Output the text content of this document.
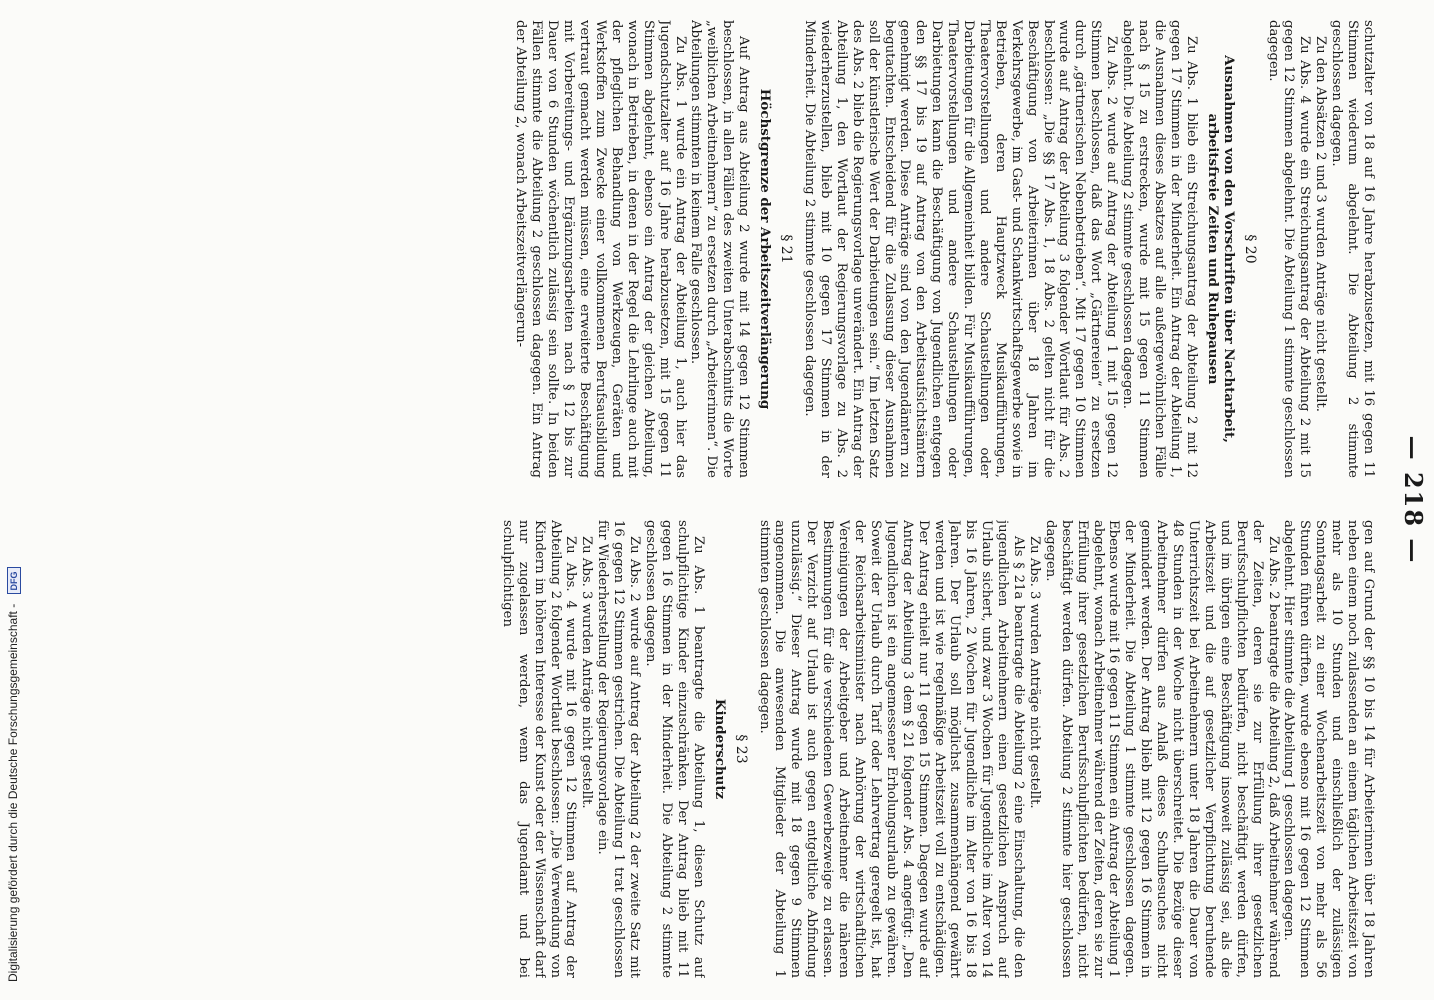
— 218 —

schutzalter von 18 auf 16 Jahre herabzusetzen, mit 16 gegen 11 Stimmen wiederum abgelehnt. Die Abteilung 2 stimmte geschlossen dagegen.

Zu den Absätzen 2 und 3 wurden Anträge nicht gestellt.

Zu Abs. 4 wurde ein Streichungsantrag der Abteilung 2 mit 15 gegen 12 Stimmen abgelehnt. Die Abteilung 1 stimmte geschlossen dagegen.

§ 20
Ausnahmen von den Vorschriften über Nachtarbeit,
arbeitsfreie Zeiten und Ruhepausen

Zu Abs. 1 blieb ein Streichungsantrag der Abteilung 2 mit 12 gegen 17 Stimmen in der Minderheit. Ein Antrag der Abteilung 1, die Ausnahmen dieses Absatzes auf alle außergewöhnlichen Fälle nach § 15 zu erstrecken, wurde mit 15 gegen 11 Stimmen abgelehnt. Die Abteilung 2 stimmte geschlossen dagegen.

Zu Abs. 2 wurde auf Antrag der Abteilung 1 mit 15 gegen 12 Stimmen beschlossen, daß das Wort „Gärtnereien“ zu ersetzen durch „gärtnerischen Nebenbetrieben“. Mit 17 gegen 10 Stimmen wurde auf Antrag der Abteilung 3 folgender Wortlaut für Abs. 2 beschlossen: „Die §§ 17 Abs. 1, 18 Abs. 2 gelten nicht für die Beschäftigung von Arbeiterinnen über 18 Jahren im Verkehrsgewerbe, im Gast- und Schankwirtschaftsgewerbe sowie in Betrieben, deren Hauptzweck Musikaufführungen, Theatervorstellungen und andere Schaustellungen oder Darbietungen für die Allgemeinheit bilden. Für Musikaufführungen, Theatervorstellungen und andere Schaustellungen oder Darbietungen kann die Beschäftigung von Jugendlichen entgegen den §§ 17 bis 19 auf Antrag von den Arbeitsaufsichtsämtern genehmigt werden. Diese Anträge sind von den Jugendämtern zu begutachten. Entscheidend für die Zulassung dieser Ausnahmen soll der künstlerische Wert der Darbietungen sein.“ Im letzten Satz des Abs. 2 blieb die Regierungsvorlage unverändert. Ein Antrag der Abteilung 1, den Wortlaut der Regierungsvorlage zu Abs. 2 wiederherzustellen, blieb mit 10 gegen 17 Stimmen in der Minderheit. Die Abteilung 2 stimmte geschlossen dagegen.

§ 21
Höchstgrenze der Arbeitszeitverlängerung

Auf Antrag aus Abteilung 2 wurde mit 14 gegen 12 Stimmen beschlossen, in allen Fällen des zweiten Unterabschnitts die Worte „weiblichen Arbeitnehmern“ zu ersetzen durch „Arbeiterinnen“. Die Abteilungen stimmten in keinem Falle geschlossen.

Zu Abs. 1 wurde ein Antrag der Abteilung 1, auch hier das Jugendschutzalter auf 16 Jahre herabzusetzen, mit 15 gegen 11 Stimmen abgelehnt, ebenso ein Antrag der gleichen Abteilung, wonach in Betrieben, in denen in der Regel die Lehrlinge auch mit der pfleglichen Behandlung von Werkzeugen, Geräten und Werkstoffen zum Zwecke einer vollkommenen Berufsausbildung vertraut gemacht werden müssen, eine erweiterte Beschäftigung mit Vorbereitungs- und Ergänzungsarbeiten nach § 12 bis zur Dauer von 6 Stunden wöchentlich zulässig sein sollte. In beiden Fällen stimmte die Abteilung 2 geschlossen dagegen. Ein Antrag der Abteilung 2, wonach Arbeitszeitverlängerun-

gen auf Grund der §§ 10 bis 14 für Arbeiterinnen über 18 Jahren neben einem noch zulassenden an einem täglichen Arbeitszeit von mehr als 10 Stunden und einschließlich der zulässigen Sonntagsarbeit zu einer Wochenarbeitszeit von mehr als 56 Stunden führen dürften, wurde ebenso mit 16 gegen 12 Stimmen abgelehnt. Hier stimmte die Abteilung 1 geschlossen dagegen.

Zu Abs. 2 beantragte die Abteilung 2, daß Arbeitnehmer während der Zeiten, deren sie zur Erfüllung ihrer gesetzlichen Berufsschulpflichten bedürfen, nicht beschäftigt werden dürfen, und im übrigen eine Beschäftigung insoweit zulässig sei, als die Arbeitszeit und die auf gesetzlicher Verpflichtung beruhende Unterrichtszeit bei Arbeitnehmern unter 18 Jahren die Dauer von 48 Stunden in der Woche nicht überschreitet. Die Bezüge dieser Arbeitnehmer dürfen aus Anlaß dieses Schulbesuches nicht gemindert werden. Der Antrag blieb mit 12 gegen 16 Stimmen in der Minderheit. Die Abteilung 1 stimmte geschlossen dagegen. Ebenso wurde mit 16 gegen 11 Stimmen ein Antrag der Abteilung 1 abgelehnt, wonach Arbeitnehmer während der Zeiten, deren sie zur Erfüllung ihrer gesetzlichen Berufsschulpflichten bedürfen, nicht beschäftigt werden dürfen. Abteilung 2 stimmte hier geschlossen dagegen.

Zu Abs. 3 wurden Anträge nicht gestellt.

Als § 21a beantragte die Abteilung 2 eine Einschaltung, die den jugendlichen Arbeitnehmern einen gesetzlichen Anspruch auf Urlaub sichert, und zwar 3 Wochen für Jugendliche im Alter von 14 bis 16 Jahren, 2 Wochen für Jugendliche im Alter von 16 bis 18 Jahren. Der Urlaub soll möglichst zusammenhängend gewährt werden und ist wie regelmäßige Arbeitszeit voll zu entschädigen. Der Antrag erhielt nur 11 gegen 15 Stimmen. Dagegen wurde auf Antrag der Abteilung 3 dem § 21 folgender Abs. 4 angefügt: „Den Jugendlichen ist ein angemessener Erholungsurlaub zu gewähren. Soweit der Urlaub durch Tarif oder Lehrvertrag geregelt ist, hat der Reichsarbeitsminister nach Anhörung der wirtschaftlichen Vereinigungen der Arbeitgeber und Arbeitnehmer die näheren Bestimmungen für die verschiedenen Gewerbezweige zu erlassen. Der Verzicht auf Urlaub ist auch gegen entgeltliche Abfindung unzulässig.“ Dieser Antrag wurde mit 18 gegen 9 Stimmen angenommen. Die anwesenden Mitglieder der Abteilung 1 stimmten geschlossen dagegen.

§ 23
Kinderschutz

Zu Abs. 1 beantragte die Abteilung 1, diesen Schutz auf schulpflichtige Kinder einzuschränken. Der Antrag blieb mit 11 gegen 16 Stimmen in der Minderheit. Die Abteilung 2 stimmte geschlossen dagegen.

Zu Abs. 2 wurde auf Antrag der Abteilung 2 der zweite Satz mit 16 gegen 12 Stimmen gestrichen. Die Abteilung 1 trat geschlossen für Wiederherstellung der Regierungsvorlage ein.

Zu Abs. 3 wurden Anträge nicht gestellt.

Zu Abs. 4 wurde mit 16 gegen 12 Stimmen auf Antrag der Abteilung 2 folgender Wortlaut beschlossen: „Die Verwendung von Kindern im höheren Interesse der Kunst oder der Wissenschaft darf nur zugelassen werden, wenn das Jugendamt und bei schulpflichtigen

Digitalisierung gefördert durch die Deutsche Forschungsgemeinschaft - DFG
